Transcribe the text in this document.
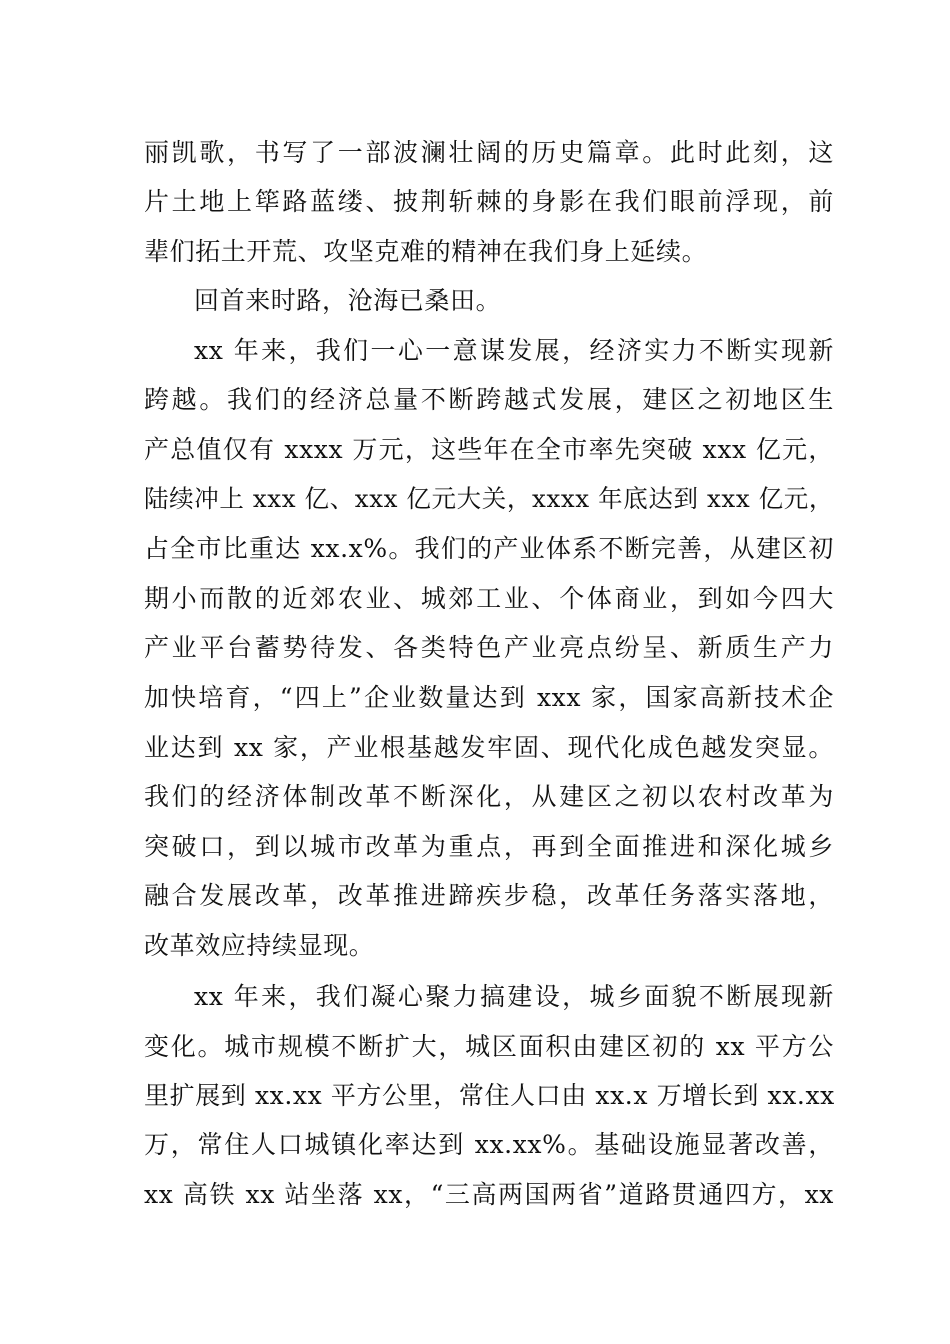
丽凯歌，书写了一部波澜壮阔的历史篇章。此时此刻，这
片土地上筚路蓝缕、披荆斩棘的身影在我们眼前浮现，前
辈们拓土开荒、攻坚克难的精神在我们身上延续。
回首来时路，沧海已桑田。
xx 年来，我们一心一意谋发展，经济实力不断实现新
跨越。我们的经济总量不断跨越式发展，建区之初地区生
产总值仅有 xxxx 万元，这些年在全市率先突破 xxx 亿元，
陆续冲上 xxx 亿、xxx 亿元大关，xxxx 年底达到 xxx 亿元，
占全市比重达 xx.x%。我们的产业体系不断完善，从建区初
期小而散的近郊农业、城郊工业、个体商业，到如今四大
产业平台蓄势待发、各类特色产业亮点纷呈、新质生产力
加快培育，“四上”企业数量达到 xxx 家，国家高新技术企
业达到 xx 家，产业根基越发牢固、现代化成色越发突显。
我们的经济体制改革不断深化，从建区之初以农村改革为
突破口，到以城市改革为重点，再到全面推进和深化城乡
融合发展改革，改革推进蹄疾步稳，改革任务落实落地，
改革效应持续显现。
xx 年来，我们凝心聚力搞建设，城乡面貌不断展现新
变化。城市规模不断扩大，城区面积由建区初的 xx 平方公
里扩展到 xx.xx 平方公里，常住人口由 xx.x 万增长到 xx.xx
万，常住人口城镇化率达到 xx.xx%。基础设施显著改善，
xx 高铁 xx 站坐落 xx，“三高两国两省”道路贯通四方，xx
